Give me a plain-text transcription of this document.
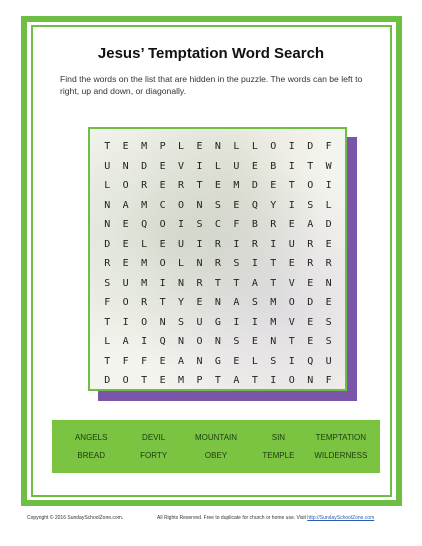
Jesus’ Temptation Word Search
Find the words on the list that are hidden in the puzzle. The words can be left to right, up and down, or diagonally.
T	E	M	P	L	E	N	L	L	O	I	D	F
U	N	D	E	V	I	L	U	E	B	I	T	W
L	O	R	E	R	T	E	M	D	E	T	O	I
N	A	M	C	O	N	S	E	Q	Y	I	S	L
N	E	Q	O	I	S	C	F	B	R	E	A	D
D	E	L	E	U	I	R	I	R	I	U	R	E
R	E	M	O	L	N	R	S	I	T	E	R	R
S	U	M	I	N	R	T	T	A	T	V	E	N
F	O	R	T	Y	E	N	A	S	M	O	D	E
T	I	O	N	S	U	G	I	I	M	V	E	S
L	A	I	Q	N	O	N	S	E	N	T	E	S
T	F	F	E	A	N	G	E	L	S	I	Q	U
D	O	T	E	M	P	T	A	T	I	O	N	F
ANGELS	DEVIL	MOUNTAIN	SIN	TEMPTATION
BREAD	FORTY	OBEY	TEMPLE	WILDERNESS
Copyright © 2016 SundaySchoolZone.com.	All Rights Reserved. Free to duplicate for church or home use. Visit http://SundaySchoolZone.com
